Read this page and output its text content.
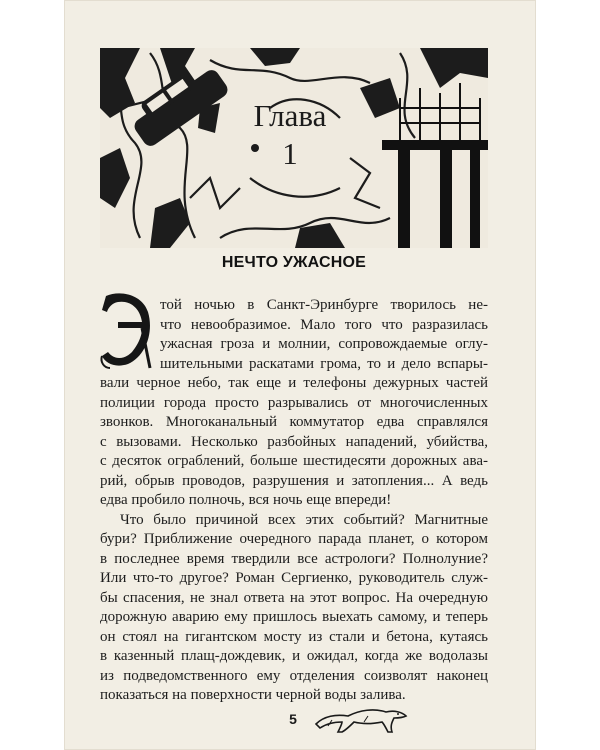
Глава
1
НЕЧТО УЖАСНОЕ
той ночью в Санкт-Эринбурге творилось не-
что невообразимое. Мало того что разразилась
ужасная гроза и молнии, сопровождаемые оглу-
шительными раскатами грома, то и дело вспары-
вали черное небо, так еще и телефоны дежурных частей
полиции города просто разрывались от многочисленных
звонков. Многоканальный коммутатор едва справлялся
с вызовами. Несколько разбойных нападений, убийства,
с десяток ограблений, больше шестидесяти дорожных ава-
рий, обрыв проводов, разрушения и затопления... А ведь
едва пробило полночь, вся ночь еще впереди!
Что было причиной всех этих событий? Магнитные
бури? Приближение очередного парада планет, о котором
в последнее время твердили все астрологи? Полнолуние?
Или что-то другое? Роман Сергиенко, руководитель служ-
бы спасения, не знал ответа на этот вопрос. На очередную
дорожную аварию ему пришлось выехать самому, и теперь
он стоял на гигантском мосту из стали и бетона, кутаясь
в казенный плащ-дождевик, и ожидал, когда же водолазы
из подведомственного ему отделения соизволят наконец
показаться на поверхности черной воды залива.
5
